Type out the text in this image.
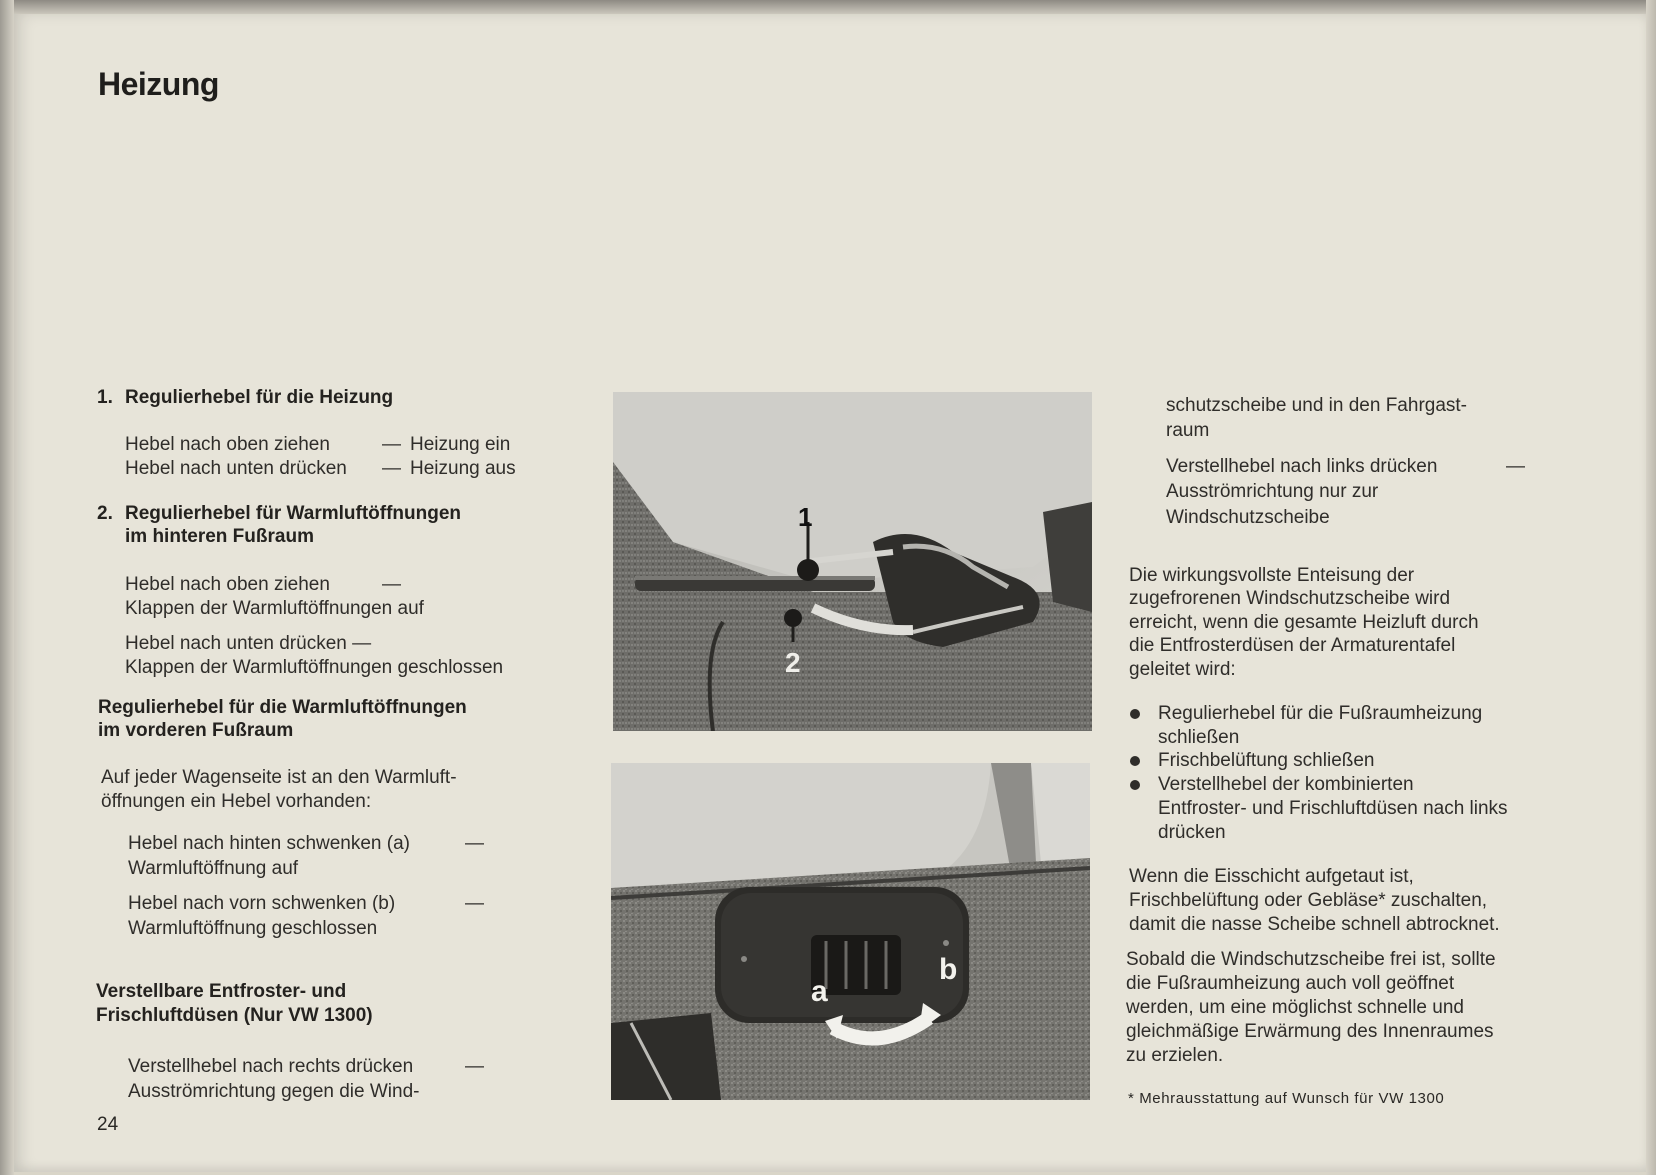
Heizung
1. Regulierhebel für die Heizung
Hebel nach oben ziehen	— Heizung ein
Hebel nach unten drücken — Heizung aus
2. Regulierhebel für Warmluftöffnungen
im hinteren Fußraum
Hebel nach oben ziehen	—
Klappen der Warmluftöffnungen auf
Hebel nach unten drücken —
Klappen der Warmluftöffnungen geschlossen
Regulierhebel für die Warmluftöffnungen
im vorderen Fußraum
Auf jeder Wagenseite ist an den Warmluft-
öffnungen ein Hebel vorhanden:
Hebel nach hinten schwenken (a)	—
Warmluftöffnung auf
Hebel nach vorn schwenken (b)	—
Warmluftöffnung geschlossen
Verstellbare Entfroster- und
Frischluftdüsen (Nur VW 1300)
Verstellhebel nach rechts drücken	—
Ausströmrichtung gegen die Wind-
24
1
2
a
b
schutzscheibe und in den Fahrgast-
raum
Verstellhebel nach links drücken	—
Ausströmrichtung nur zur
Windschutzscheibe
Die wirkungsvollste Enteisung der
zugefrorenen Windschutzscheibe wird
erreicht, wenn die gesamte Heizluft durch
die Entfrosterdüsen der Armaturentafel
geleitet wird:
Regulierhebel für die Fußraumheizung
schließen
Frischbelüftung schließen
Verstellhebel der kombinierten
Entfroster- und Frischluftdüsen nach links
drücken
Wenn die Eisschicht aufgetaut ist,
Frischbelüftung oder Gebläse* zuschalten,
damit die nasse Scheibe schnell abtrocknet.
Sobald die Windschutzscheibe frei ist, sollte
die Fußraumheizung auch voll geöffnet
werden, um eine möglichst schnelle und
gleichmäßige Erwärmung des Innenraumes
zu erzielen.
* Mehrausstattung auf Wunsch für VW 1300
